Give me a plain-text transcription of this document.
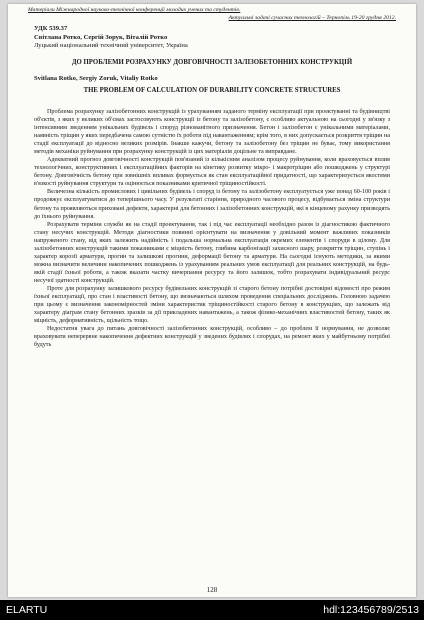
Матеріали Міжнародної науково-технічної конференції молодих учених та студентів.
Актуальні задачі сучасних технологій – Тернопіль 19-20 грудня 2012.
УДК 539.37
Світлана Ротко, Сергій Зорук, Віталій Ротко
Луцький національний технічний університет, Україна
ДО ПРОБЛЕМИ РОЗРАХУНКУ ДОВГОВІЧНОСТІ ЗАЛІЗОБЕТОННИХ КОНСТРУКЦІЙ
Svitlana Rotko, Sergiy Zoruk, Vitaliy Rotko
THE PROBLEM OF CALCULATION OF DURABILITY CONCRETE STRUCTURES

Проблема розрахунку залізобетонних конструкцій із урахуванням заданого терміну експлуатації при проектуванні та будівництві об'єктів, з яких у великих об'ємах застосовують конструкції із бетону та залізобетону, є особливо актуальною на сьогодні у зв'язку з інтенсивним зведенням унікальних будівель і споруд різноманітного призначення. Бетон і залізобетон є унікальними матеріалами, наявність тріщин у яких передбачена самою сутністю їх роботи під навантаженням; крім того, в них допускається розкриття тріщин на стадії експлуатації до відносно великих розмірів. Інакше кажучи, бетону та залізобетону без тріщин не буває, тому використання методів механіки руйнування при розрахунку конструкцій із цих матеріалів доцільне та виправдане.

Адекватний прогноз довговічності конструкцій пов'язаний із кількісним аналізом процесу руйнування, коли враховується вплив технологічних, конструктивних і експлуатаційних факторів на кінетику розвитку мікро- і макротріщин або пошкоджень у структурі бетону. Довговічність бетону при зовнішніх впливах формується як стан експлуатаційної придатності, що характеризується якостями в'язкості руйнування структури та оцінюється показниками критичної тріщиностійкості.

Величезна кількість промислових і цивільних будівель і споруд із бетону та залізобетону експлуатується уже понад 60-100 років і продовжує експлуатуватися до теперішнього часу. У результаті старіння, природного часового процесу, відбувається зміна структури бетону та проявляються приховані дефекти, характерні для бетонних і залізобетонних конструкцій, які в кінцевому рахунку призводять до їхнього руйнування.

Розрахувати терміни служби як на стадії проектування, так і під час експлуатації необхідно разом із діагностикою фактичного стану несучих конструкцій. Методи діагностики повинні орієнтувати на визначення у довільний момент важливих показників напруженого стану, від яких залежить надійність і подальша нормальна експлуатація окремих елементів і споруди в цілому. Для залізобетонних конструкцій такими показниками є міцність бетону, глибина карбонізації захисного шару, розкриття тріщин, ступінь і характер корозії арматури, прогин та залишкові прогини, деформації бетону та арматури. На сьогодні існують методики, за якими можна визначити величини накопичених пошкоджень із урахуванням реальних умов експлуатації для реальних конструкцій, на будь-якій стадії їхньої роботи, а також вказати частку вичерпання ресурсу та його залишок, тобто розрахувати індивідуальний ресурс несучої здатності конструкцій.

Проте для розрахунку залишкового ресурсу будівельних конструкцій зі старого бетону потрібні достовірні відомості про режим їхньої експлуатації, про стан і властивості бетону, що визначаються шляхом проведення спеціальних досліджень. Головною задачею при цьому є визначення закономірностей зміни характеристик тріщиностійкості старого бетону в конструкціях, що залежать від характеру діаграм стану бетонних зразків за дії прикладених навантажень, а також фізико-механічних властивостей бетону, таких як міцність, деформативність, щільність тощо.

Недостатня увага до питань довговічності залізобетонних конструкцій, особливо – до проблем її нормування, не дозволяє враховувати неперервне накопичення дефектних конструкцій у зведених будівлях і спорудах, на ремонт яких у майбутньому потрібні будуть

128
ELARTU	hdl:123456789/2513
